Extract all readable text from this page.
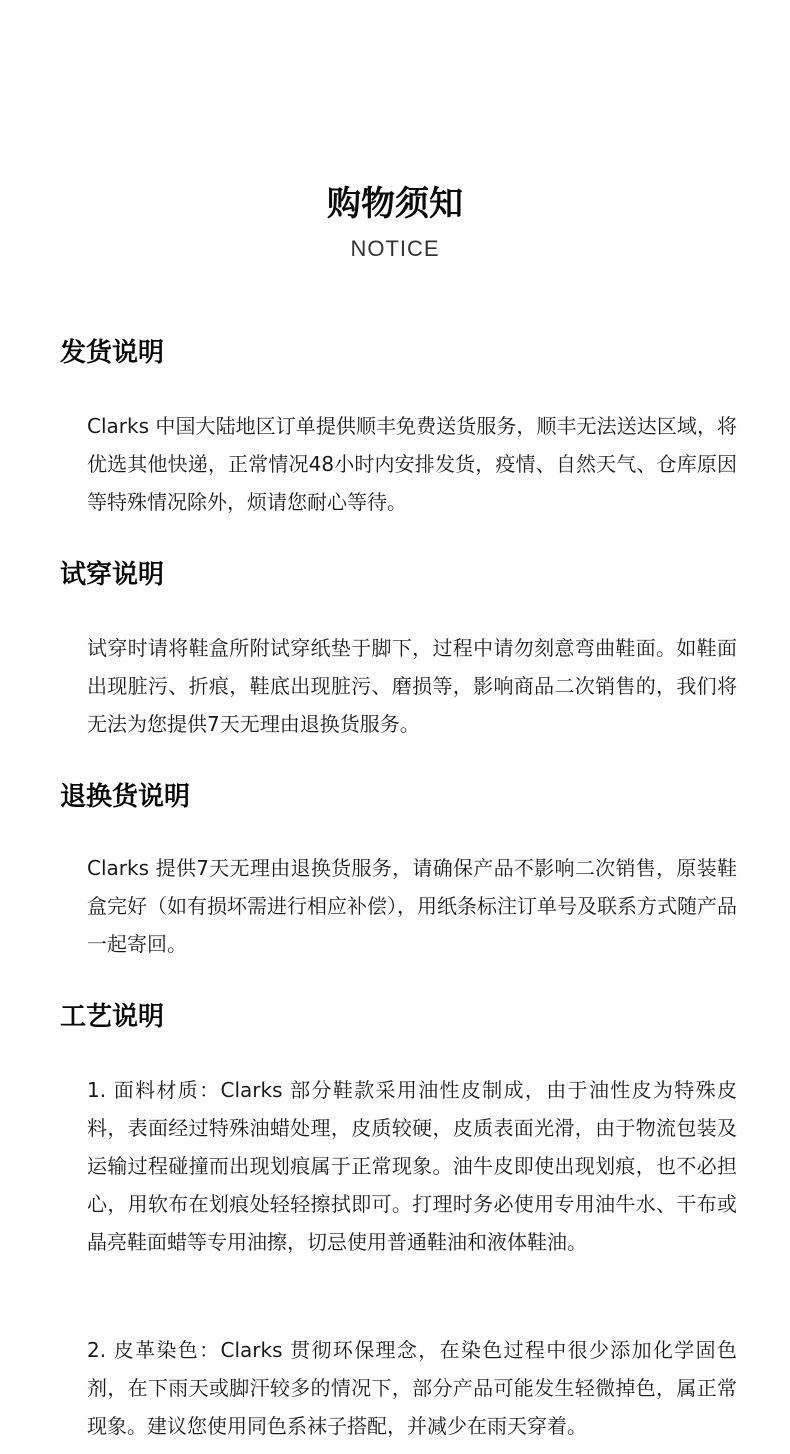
购物须知
NOTICE
发货说明

Clarks 中国大陆地区订单提供顺丰免费送货服务，顺丰无法送达区域，将优选其他快递，正常情况48小时内安排发货，疫情、自然天气、仓库原因等特殊情况除外，烦请您耐心等待。

试穿说明

试穿时请将鞋盒所附试穿纸垫于脚下，过程中请勿刻意弯曲鞋面。如鞋面出现脏污、折痕，鞋底出现脏污、磨损等，影响商品二次销售的，我们将无法为您提供7天无理由退换货服务。

退换货说明

Clarks 提供7天无理由退换货服务，请确保产品不影响二次销售，原装鞋盒完好（如有损坏需进行相应补偿），用纸条标注订单号及联系方式随产品一起寄回。

工艺说明

1. 面料材质：Clarks 部分鞋款采用油性皮制成，由于油性皮为特殊皮料，表面经过特殊油蜡处理，皮质较硬，皮质表面光滑，由于物流包装及运输过程碰撞而出现划痕属于正常现象。油牛皮即使出现划痕，也不必担心，用软布在划痕处轻轻擦拭即可。打理时务必使用专用油牛水、干布或晶亮鞋面蜡等专用油擦，切忌使用普通鞋油和液体鞋油。

2. 皮革染色：Clarks 贯彻环保理念，在染色过程中很少添加化学固色剂，在下雨天或脚汗较多的情况下，部分产品可能发生轻微掉色，属正常现象。建议您使用同色系袜子搭配，并减少在雨天穿着。
